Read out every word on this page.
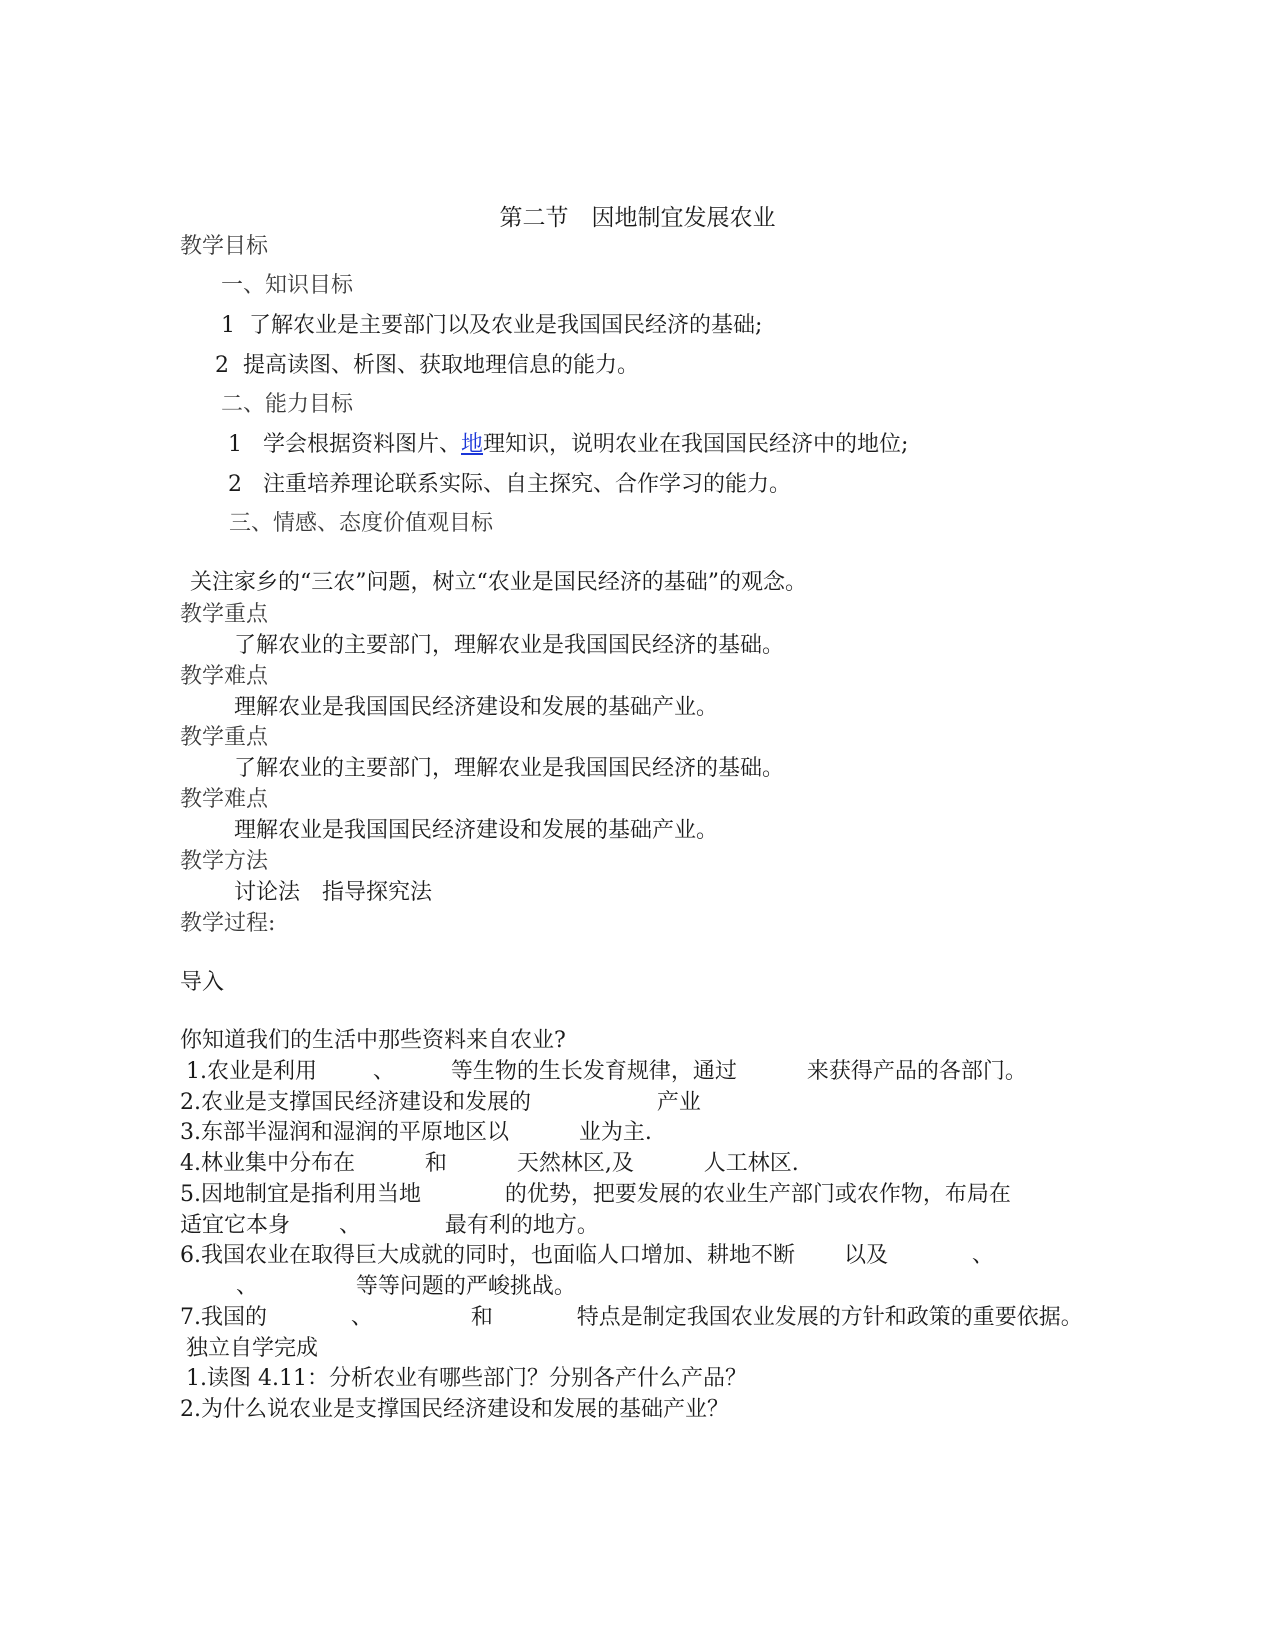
第二节　因地制宜发展农业
教学目标
一、知识目标
1  了解农业是主要部门以及农业是我国国民经济的基础;
2  提高读图、析图、获取地理信息的能力。
二、能力目标
1 学会根据资料图片、地理知识，说明农业在我国国民经济中的地位;
2 注重培养理论联系实际、自主探究、合作学习的能力。
三、情感、态度价值观目标
关注家乡的“三农”问题，树立“农业是国民经济的基础”的观念。
教学重点
了解农业的主要部门，理解农业是我国国民经济的基础。
教学难点
理解农业是我国国民经济建设和发展的基础产业。
教学重点
了解农业的主要部门，理解农业是我国国民经济的基础。
教学难点
理解农业是我国国民经济建设和发展的基础产业。
教学方法
讨论法　指导探究法
教学过程:
导入
你知道我们的生活中那些资料来自农业?
1.农业是利用        、        等生物的生长发育规律，通过          来获得产品的各部门。
2.农业是支撑国民经济建设和发展的                  产业
3.东部半湿润和湿润的平原地区以          业为主.
4.林业集中分布在          和          天然林区,及          人工林区.
5.因地制宜是指利用当地            的优势，把要发展的农业生产部门或农作物，布局在
适宜它本身       、            最有利的地方。
6.我国农业在取得巨大成就的同时，也面临人口增加、耕地不断       以及            、
、              等等问题的严峻挑战。
7.我国的            、              和            特点是制定我国农业发展的方针和政策的重要依据。
独立自学完成
1.读图 4.11：分析农业有哪些部门？分别各产什么产品？
2.为什么说农业是支撑国民经济建设和发展的基础产业？
